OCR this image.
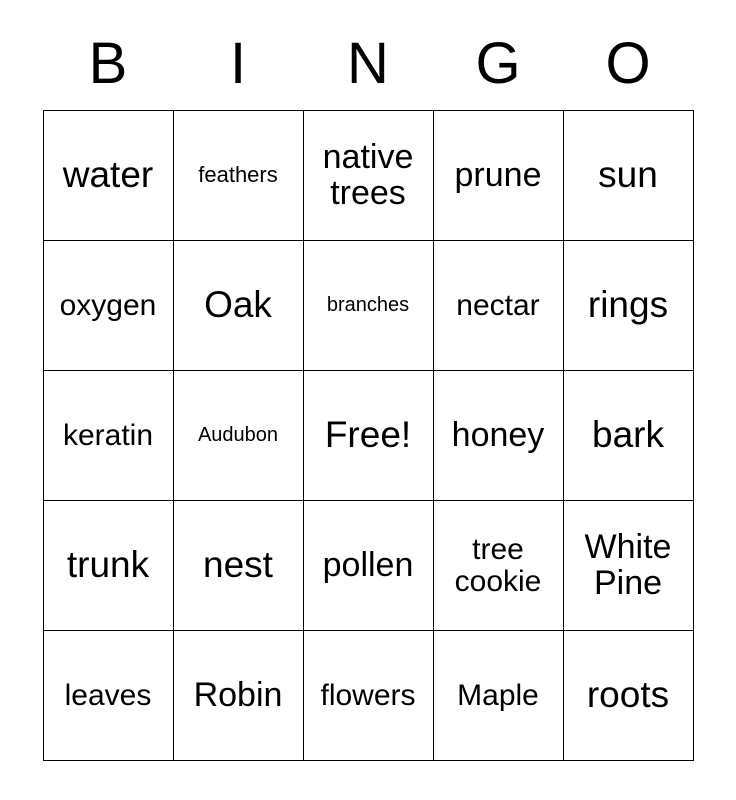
B	I	N	G	O
water	feathers	native trees	prune	sun

oxygen	Oak	branches	nectar	rings

keratin	Audubon	Free!	honey	bark

trunk	nest	pollen	tree cookie	White Pine

leaves	Robin	flowers	Maple	roots
